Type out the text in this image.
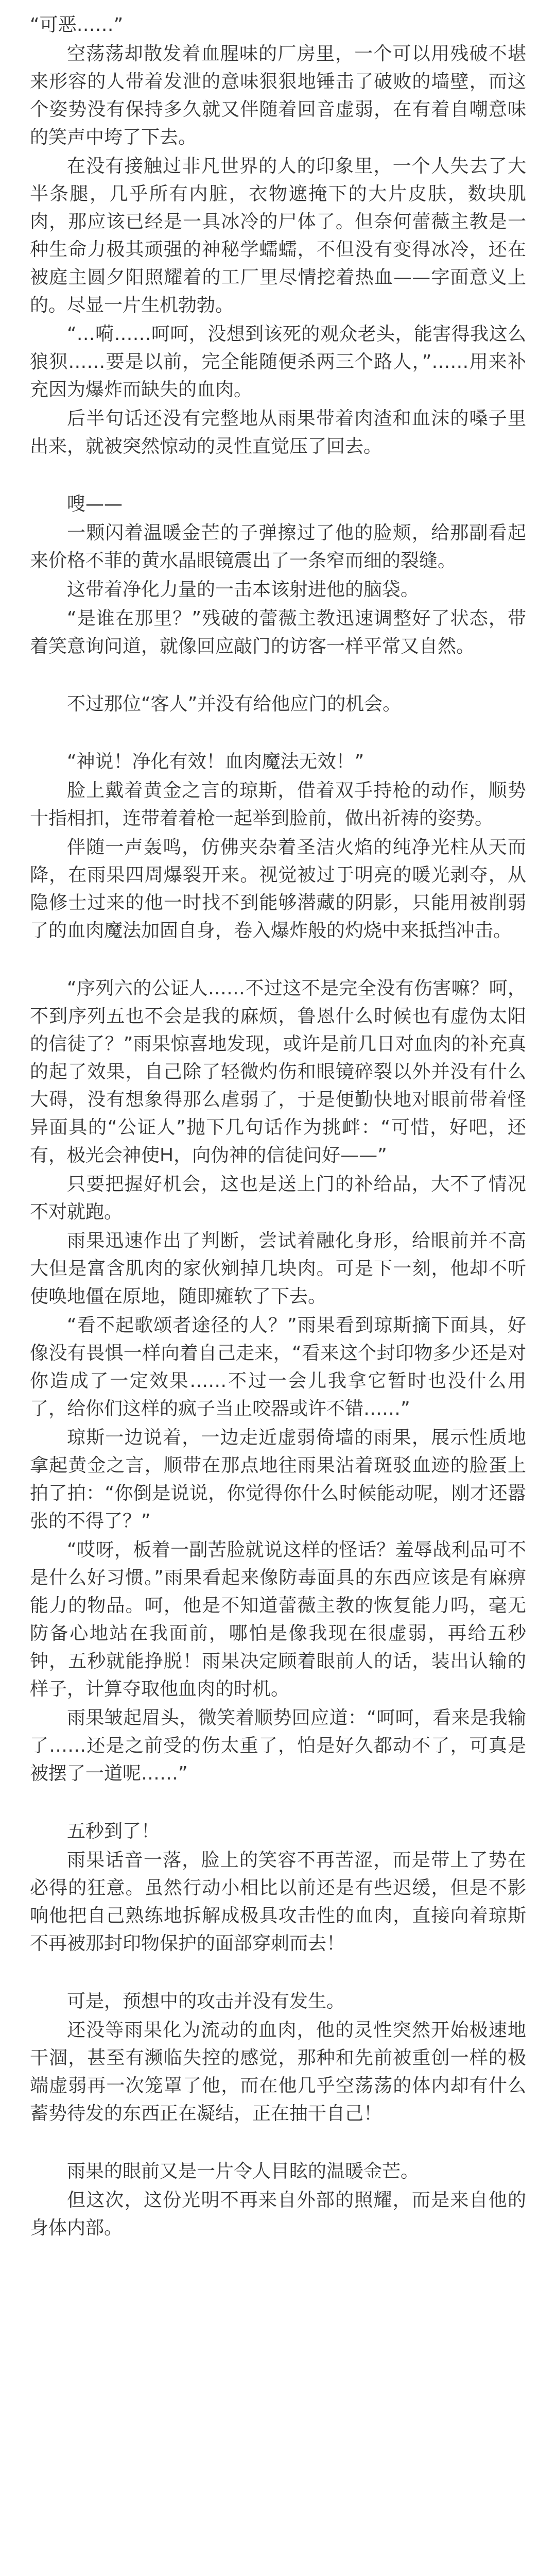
“可恶……”

空荡荡却散发着血腥味的厂房里，一个可以用残破不堪来形容的人带着发泄的意味狠狠地锤击了破败的墙壁，而这个姿势没有保持多久就又伴随着回音虚弱，在有着自嘲意味的笑声中垮了下去。

在没有接触过非凡世界的人的印象里，一个人失去了大半条腿，几乎所有内脏，衣物遮掩下的大片皮肤，数块肌肉，那应该已经是一具冰冷的尸体了。但奈何蕾薇主教是一种生命力极其顽强的神秘学蠕蠕，不但没有变得冰冷，还在被庭主圆夕阳照耀着的工厂里尽情挖着热血——字面意义上的。尽显一片生机勃勃。

“…嗬……呵呵，没想到该死的观众老头，能害得我这么狼狈……要是以前，完全能随便杀两三个路人，”……用来补充因为爆炸而缺失的血肉。

后半句话还没有完整地从雨果带着肉渣和血沫的嗓子里出来，就被突然惊动的灵性直觉压了回去。

嗖——

一颗闪着温暖金芒的子弹擦过了他的脸颊，给那副看起来价格不菲的黄水晶眼镜震出了一条窄而细的裂缝。

这带着净化力量的一击本该射进他的脑袋。

“是谁在那里？”残破的蕾薇主教迅速调整好了状态，带着笑意询问道，就像回应敲门的访客一样平常又自然。

不过那位“客人”并没有给他应门的机会。

“神说！净化有效！血肉魔法无效！”

脸上戴着黄金之言的琼斯，借着双手持枪的动作，顺势十指相扣，连带着着枪一起举到脸前，做出祈祷的姿势。

伴随一声轰鸣，仿佛夹杂着圣洁火焰的纯净光柱从天而降，在雨果四周爆裂开来。视觉被过于明亮的暖光剥夺，从隐修士过来的他一时找不到能够潜藏的阴影，只能用被削弱了的血肉魔法加固自身，卷入爆炸般的灼烧中来抵挡冲击。

“序列六的公证人……不过这不是完全没有伤害嘛？呵，不到序列五也不会是我的麻烦，鲁恩什么时候也有虚伪太阳的信徒了？”雨果惊喜地发现，或许是前几日对血肉的补充真的起了效果，自己除了轻微灼伤和眼镜碎裂以外并没有什么大碍，没有想象得那么虐弱了，于是便勤快地对眼前带着怪异面具的“公证人”抛下几句话作为挑衅：“可惜，好吧，还有，极光会神使H，向伪神的信徒问好——”

只要把握好机会，这也是送上门的补给品，大不了情况不对就跑。

雨果迅速作出了判断，尝试着融化身形，给眼前并不高大但是富含肌肉的家伙剜掉几块肉。可是下一刻，他却不听使唤地僵在原地，随即瘫软了下去。

“看不起歌颂者途径的人？”雨果看到琼斯摘下面具，好像没有畏惧一样向着自己走来，“看来这个封印物多少还是对你造成了一定效果……不过一会儿我拿它暂时也没什么用了，给你们这样的疯子当止咬器或许不错……”

琼斯一边说着，一边走近虚弱倚墙的雨果，展示性质地拿起黄金之言，顺带在那点地往雨果沾着斑驳血迹的脸蛋上拍了拍：“你倒是说说，你觉得你什么时候能动呢，刚才还嚣张的不得了？”

“哎呀，板着一副苦脸就说这样的怪话？羞辱战利品可不是什么好习惯。”雨果看起来像防毒面具的东西应该是有麻痹能力的物品。呵，他是不知道蕾薇主教的恢复能力吗，毫无防备心地站在我面前，哪怕是像我现在很虚弱，再给五秒钟，五秒就能挣脱！雨果决定顾着眼前人的话，装出认输的样子，计算夺取他血肉的时机。

雨果皱起眉头，微笑着顺势回应道：“呵呵，看来是我输了……还是之前受的伤太重了，怕是好久都动不了，可真是被摆了一道呢……”

五秒到了！

雨果话音一落，脸上的笑容不再苦涩，而是带上了势在必得的狂意。虽然行动小相比以前还是有些迟缓，但是不影响他把自己熟练地拆解成极具攻击性的血肉，直接向着琼斯不再被那封印物保护的面部穿刺而去！

可是，预想中的攻击并没有发生。

还没等雨果化为流动的血肉，他的灵性突然开始极速地干涸，甚至有濒临失控的感觉，那种和先前被重创一样的极端虚弱再一次笼罩了他，而在他几乎空荡荡的体内却有什么蓄势待发的东西正在凝结，正在抽干自己！

雨果的眼前又是一片令人目眩的温暖金芒。

但这次，这份光明不再来自外部的照耀，而是来自他的身体内部。
